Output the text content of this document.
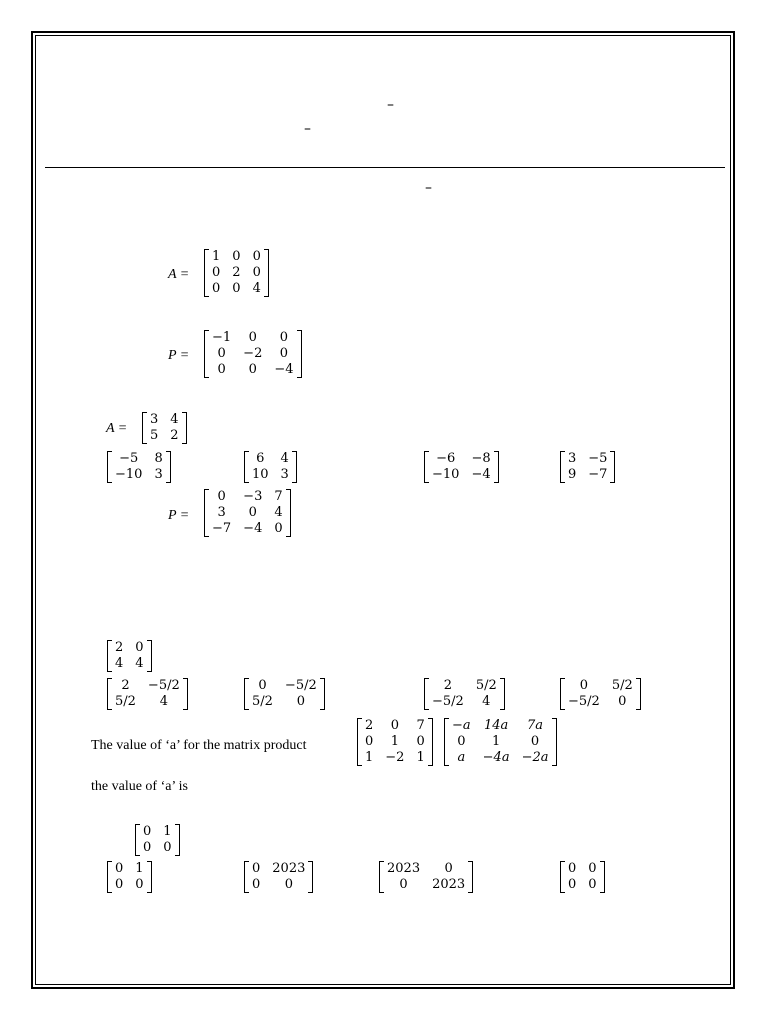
–
–
–
A =
1	0	0
0	2	0
0	0	4
P =
−1	0	0
0	−2	0
0	0	−4
A =
3	4
5	2
−5	8
−10	3
6	4
10	3
−6	−8
−10	−4
3	−5
9	−7
P =
0	−3	7
3	0	4
−7	−4	0
2	0
4	4
2	−5/2
5/2	4
0	−5/2
5/2	0
2	5/2
−5/2	4
0	5/2
−5/2	0
The value of ‘a’ for the matrix product
2	0	7
0	1	0
1	−2	1
−a	14a	7a
0	1	0
a	−4a	−2a
the value of ‘a’ is
0	1
0	0
0	1
0	0
0	2023
0	0
2023	0
0	2023
0	0
0	0
